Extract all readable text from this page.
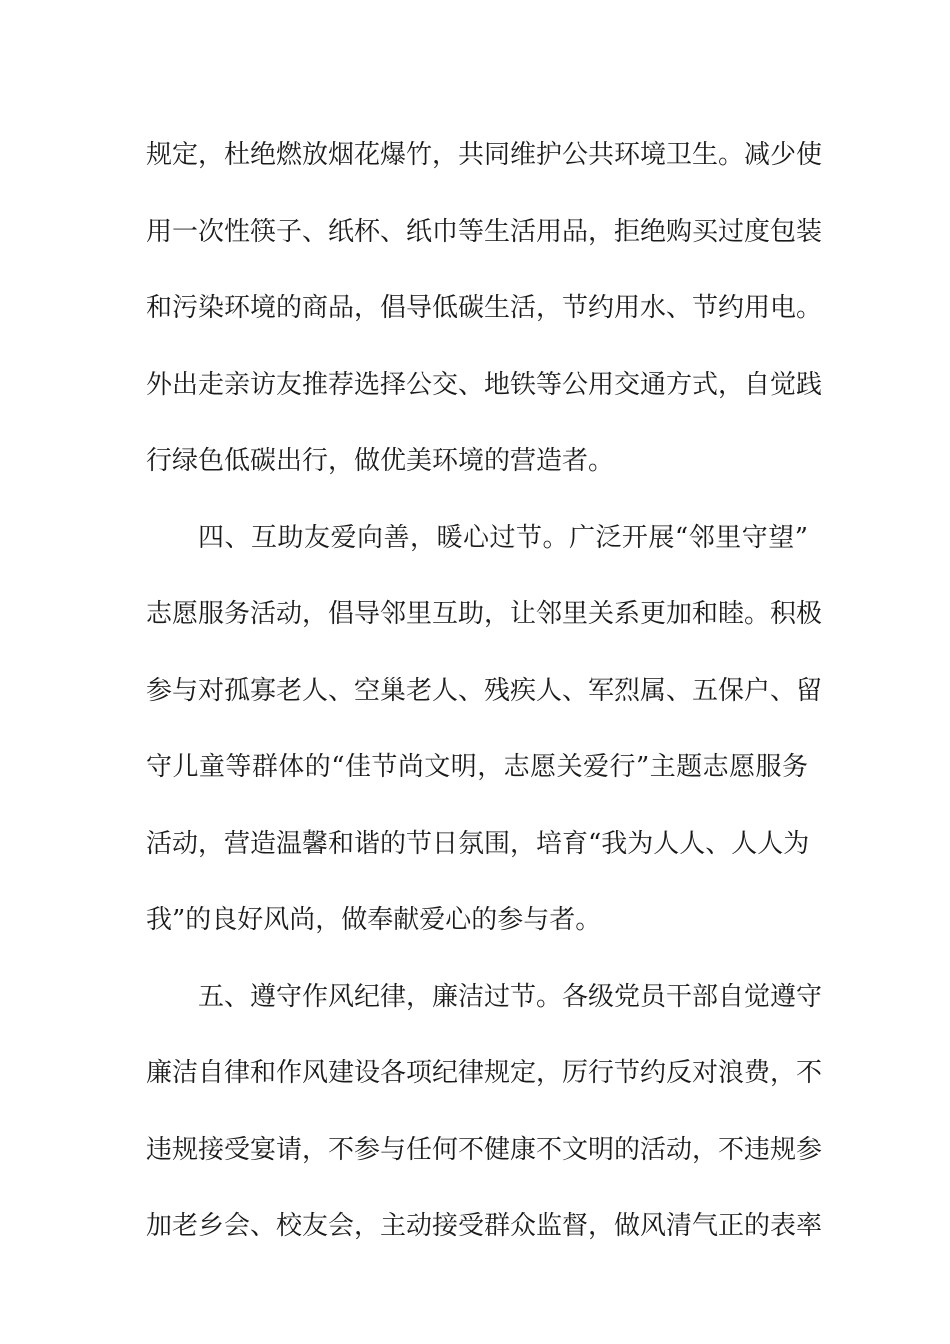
规定，杜绝燃放烟花爆竹，共同维护公共环境卫生。减少使
用一次性筷子、纸杯、纸巾等生活用品，拒绝购买过度包装
和污染环境的商品，倡导低碳生活，节约用水、节约用电。
外出走亲访友推荐选择公交、地铁等公用交通方式，自觉践
行绿色低碳出行，做优美环境的营造者。
四、互助友爱向善，暖心过节。广泛开展“邻里守望”
志愿服务活动，倡导邻里互助，让邻里关系更加和睦。积极
参与对孤寡老人、空巢老人、残疾人、军烈属、五保户、留
守儿童等群体的“佳节尚文明，志愿关爱行”主题志愿服务
活动，营造温馨和谐的节日氛围，培育“我为人人、人人为
我”的良好风尚，做奉献爱心的参与者。
五、遵守作风纪律，廉洁过节。各级党员干部自觉遵守
廉洁自律和作风建设各项纪律规定，厉行节约反对浪费，不
违规接受宴请，不参与任何不健康不文明的活动，不违规参
加老乡会、校友会，主动接受群众监督，做风清气正的表率
